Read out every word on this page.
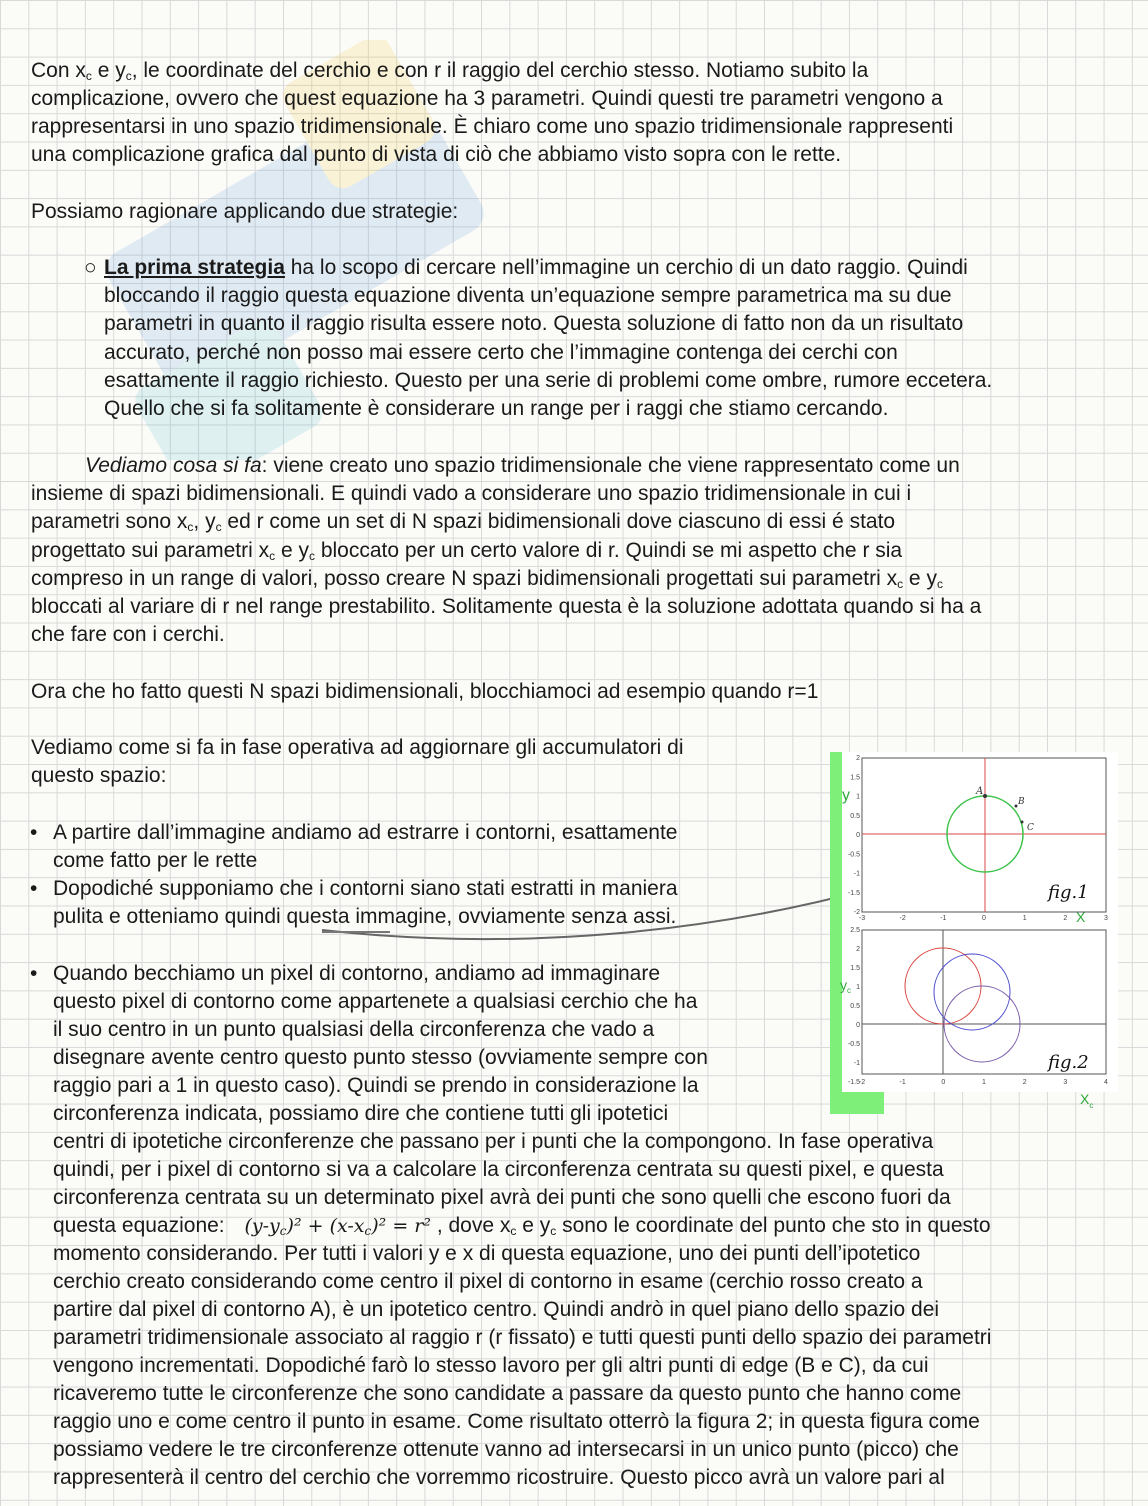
Con $x_c$ e $y_c$, le coordinate del cerchio e con r il raggio del cerchio stesso. Notiamo subito la
complicazione, ovvero che quest equazione ha 3 parametri. Quindi questi tre parametri vengono a
rappresentarsi in uno spazio tridimensionale. È chiaro come uno spazio tridimensionale rappresenti
una complicazione grafica dal punto di vista di ciò che abbiamo visto sopra con le rette.
Possiamo ragionare applicando due strategie:
○ La prima strategia ha lo scopo di cercare nell’immagine un cerchio di un dato raggio. Quindi
bloccando il raggio questa equazione diventa un’equazione sempre parametrica ma su due
parametri in quanto il raggio risulta essere noto. Questa soluzione di fatto non da un risultato
accurato, perché non posso mai essere certo che l’immagine contenga dei cerchi con
esattamente il raggio richiesto. Questo per una serie di problemi come ombre, rumore eccetera.
Quello che si fa solitamente è considerare un range per i raggi che stiamo cercando.
Vediamo cosa si fa: viene creato uno spazio tridimensionale che viene rappresentato come un
insieme di spazi bidimensionali. E quindi vado a considerare uno spazio tridimensionale in cui i
parametri sono $x_c$, $y_c$ ed r come un set di N spazi bidimensionali dove ciascuno di essi é stato
progettato sui parametri $x_c$ e $y_c$ bloccato per un certo valore di r. Quindi se mi aspetto che r sia
compreso in un range di valori, posso creare N spazi bidimensionali progettati sui parametri $x_c$ e $y_c$
bloccati al variare di r nel range prestabilito. Solitamente questa è la soluzione adottata quando si ha a
che fare con i cerchi.
Ora che ho fatto questi N spazi bidimensionali, blocchiamoci ad esempio quando r=1
Vediamo come si fa in fase operativa ad aggiornare gli accumulatori di
questo spazio:
• A partire dall’immagine andiamo ad estrarre i contorni, esattamente
come fatto per le rette
• Dopodiché supponiamo che i contorni siano stati estratti in maniera
pulita e otteniamo quindi questa immagine, ovviamente senza assi.
• Quando becchiamo un pixel di contorno, andiamo ad immaginare
questo pixel di contorno come appartenete a qualsiasi cerchio che ha
il suo centro in un punto qualsiasi della circonferenza che vado a
disegnare avente centro questo punto stesso (ovviamente sempre con
raggio pari a 1 in questo caso). Quindi se prendo in considerazione la
circonferenza indicata, possiamo dire che contiene tutti gli ipotetici
centri di ipotetiche circonferenze che passano per i punti che la compongono. In fase operativa
quindi, per i pixel di contorno si va a calcolare la circonferenza centrata su questi pixel, e questa
circonferenza centrata su un determinato pixel avrà dei punti che sono quelli che escono fuori da
questa equazione: $(y-y_c)^2 + (x-x_c)^2 = r^2$ , dove $x_c$ e $y_c$ sono le coordinate del punto che sto in questo
momento considerando. Per tutti i valori y e x di questa equazione, uno dei punti dell’ipotetico
cerchio creato considerando come centro il pixel di contorno in esame (cerchio rosso creato a
partire dal pixel di contorno A), è un ipotetico centro. Quindi andrò in quel piano dello spazio dei
parametri tridimensionale associato al raggio r (r fissato) e tutti questi punti dello spazio dei parametri
vengono incrementati. Dopodiché farò lo stesso lavoro per gli altri punti di edge (B e C), da cui
ricaveremo tutte le circonferenze che sono candidate a passare da questo punto che hanno come
raggio uno e come centro il punto in esame. Come risultato otterrò la figura 2; in questa figura come
possiamo vedere le tre circonferenze ottenute vanno ad intersecarsi in un unico punto (picco) che
rappresenterà il centro del cerchio che vorremmo ricostruire. Questo picco avrà un valore pari al
2
1.5
1
0.5
0
-0.5
-1
-1.5
-2
-3	-2	-1	0	1	2	3
y	A
B
C
fig.1
X
2.5
2
1.5
1
0.5
0
-0.5
-1
-1.5
-2	-1	0	1	2	3	4
$y_c$
fig.2
$X_c$
